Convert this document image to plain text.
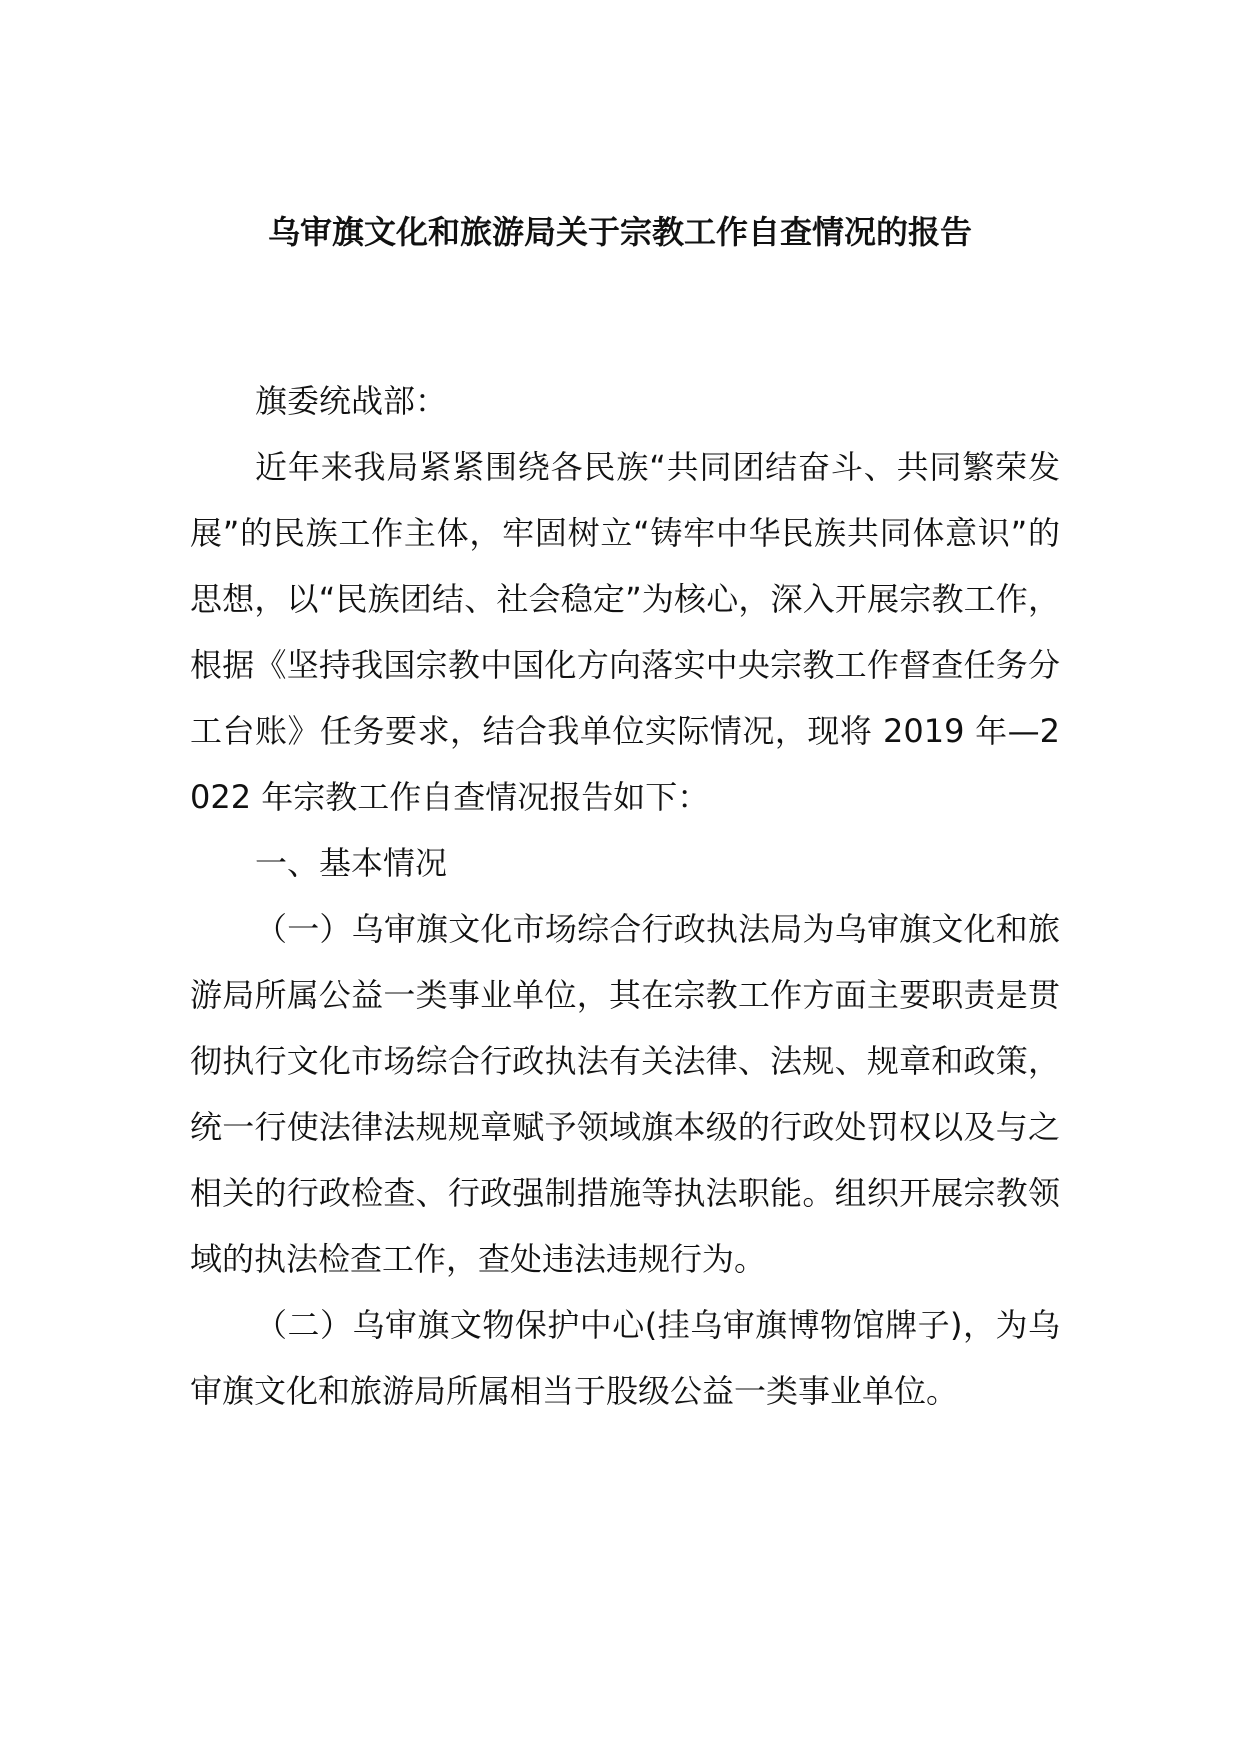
乌审旗文化和旅游局关于宗教工作自查情况的报告

旗委统战部：

近年来我局紧紧围绕各民族“共同团结奋斗、共同繁荣发展”的民族工作主体，牢固树立“铸牢中华民族共同体意识”的思想，以“民族团结、社会稳定”为核心，深入开展宗教工作，根据《坚持我国宗教中国化方向落实中央宗教工作督查任务分工台账》任务要求，结合我单位实际情况，现将 2019 年—2022 年宗教工作自查情况报告如下：

一、基本情况

（一）乌审旗文化市场综合行政执法局为乌审旗文化和旅游局所属公益一类事业单位，其在宗教工作方面主要职责是贯彻执行文化市场综合行政执法有关法律、法规、规章和政策，统一行使法律法规规章赋予领域旗本级的行政处罚权以及与之相关的行政检查、行政强制措施等执法职能。组织开展宗教领域的执法检查工作，查处违法违规行为。

（二）乌审旗文物保护中心(挂乌审旗博物馆牌子)，为乌审旗文化和旅游局所属相当于股级公益一类事业单位。
